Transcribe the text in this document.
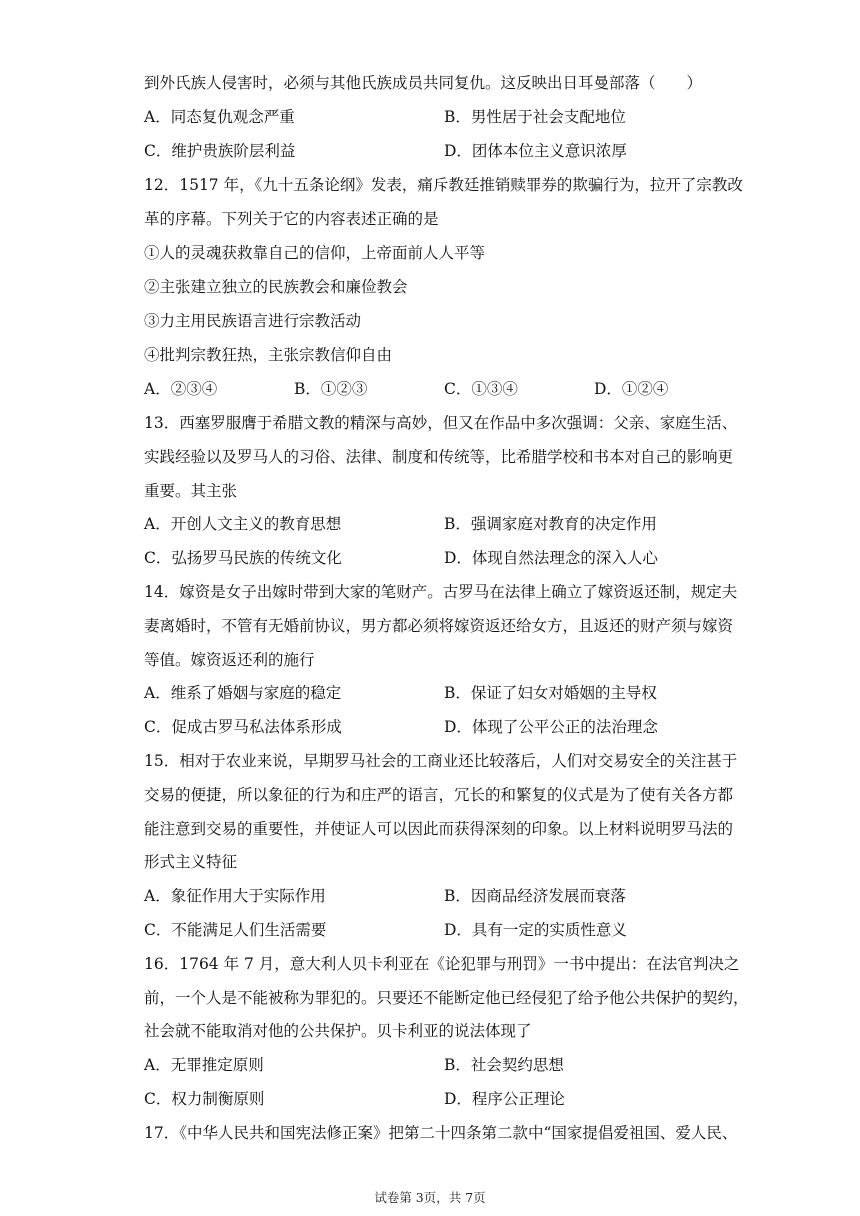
到外氏族人侵害时，必须与其他氏族成员共同复仇。这反映出日耳曼部落（　　）
A．同态复仇观念严重	B．男性居于社会支配地位
C．维护贵族阶层利益	D．团体本位主义意识浓厚
12．1517 年，《九十五条论纲》发表，痛斥教廷推销赎罪券的欺骗行为，拉开了宗教改
革的序幕。下列关于它的内容表述正确的是
①人的灵魂获救靠自己的信仰，上帝面前人人平等
②主张建立独立的民族教会和廉俭教会
③力主用民族语言进行宗教活动
④批判宗教狂热，主张宗教信仰自由
A．②③④	B．①②③	C．①③④	D．①②④
13．西塞罗服膺于希腊文教的精深与高妙，但又在作品中多次强调：父亲、家庭生活、
实践经验以及罗马人的习俗、法律、制度和传统等，比希腊学校和书本对自己的影响更
重要。其主张
A．开创人文主义的教育思想	B．强调家庭对教育的决定作用
C．弘扬罗马民族的传统文化	D．体现自然法理念的深入人心
14．嫁资是女子出嫁时带到大家的笔财产。古罗马在法律上确立了嫁资返还制，规定夫
妻离婚时，不管有无婚前协议，男方都必须将嫁资返还给女方，且返还的财产须与嫁资
等值。嫁资返还利的施行
A．维系了婚姻与家庭的稳定	B．保证了妇女对婚姻的主导权
C．促成古罗马私法体系形成	D．体现了公平公正的法治理念
15．相对于农业来说，早期罗马社会的工商业还比较落后，人们对交易安全的关注甚于
交易的便捷，所以象征的行为和庄严的语言，冗长的和繁复的仪式是为了使有关各方都
能注意到交易的重要性，并使证人可以因此而获得深刻的印象。以上材料说明罗马法的
形式主义特征
A．象征作用大于实际作用	B．因商品经济发展而衰落
C．不能满足人们生活需要	D．具有一定的实质性意义
16．1764 年 7 月，意大利人贝卡利亚在《论犯罪与刑罚》一书中提出：在法官判决之
前，一个人是不能被称为罪犯的。只要还不能断定他已经侵犯了给予他公共保护的契约，
社会就不能取消对他的公共保护。贝卡利亚的说法体现了
A．无罪推定原则	B．社会契约思想
C．权力制衡原则	D．程序公正理论
17．《中华人民共和国宪法修正案》把第二十四条第二款中“国家提倡爱祖国、爱人民、
试卷第 3页，共 7页
